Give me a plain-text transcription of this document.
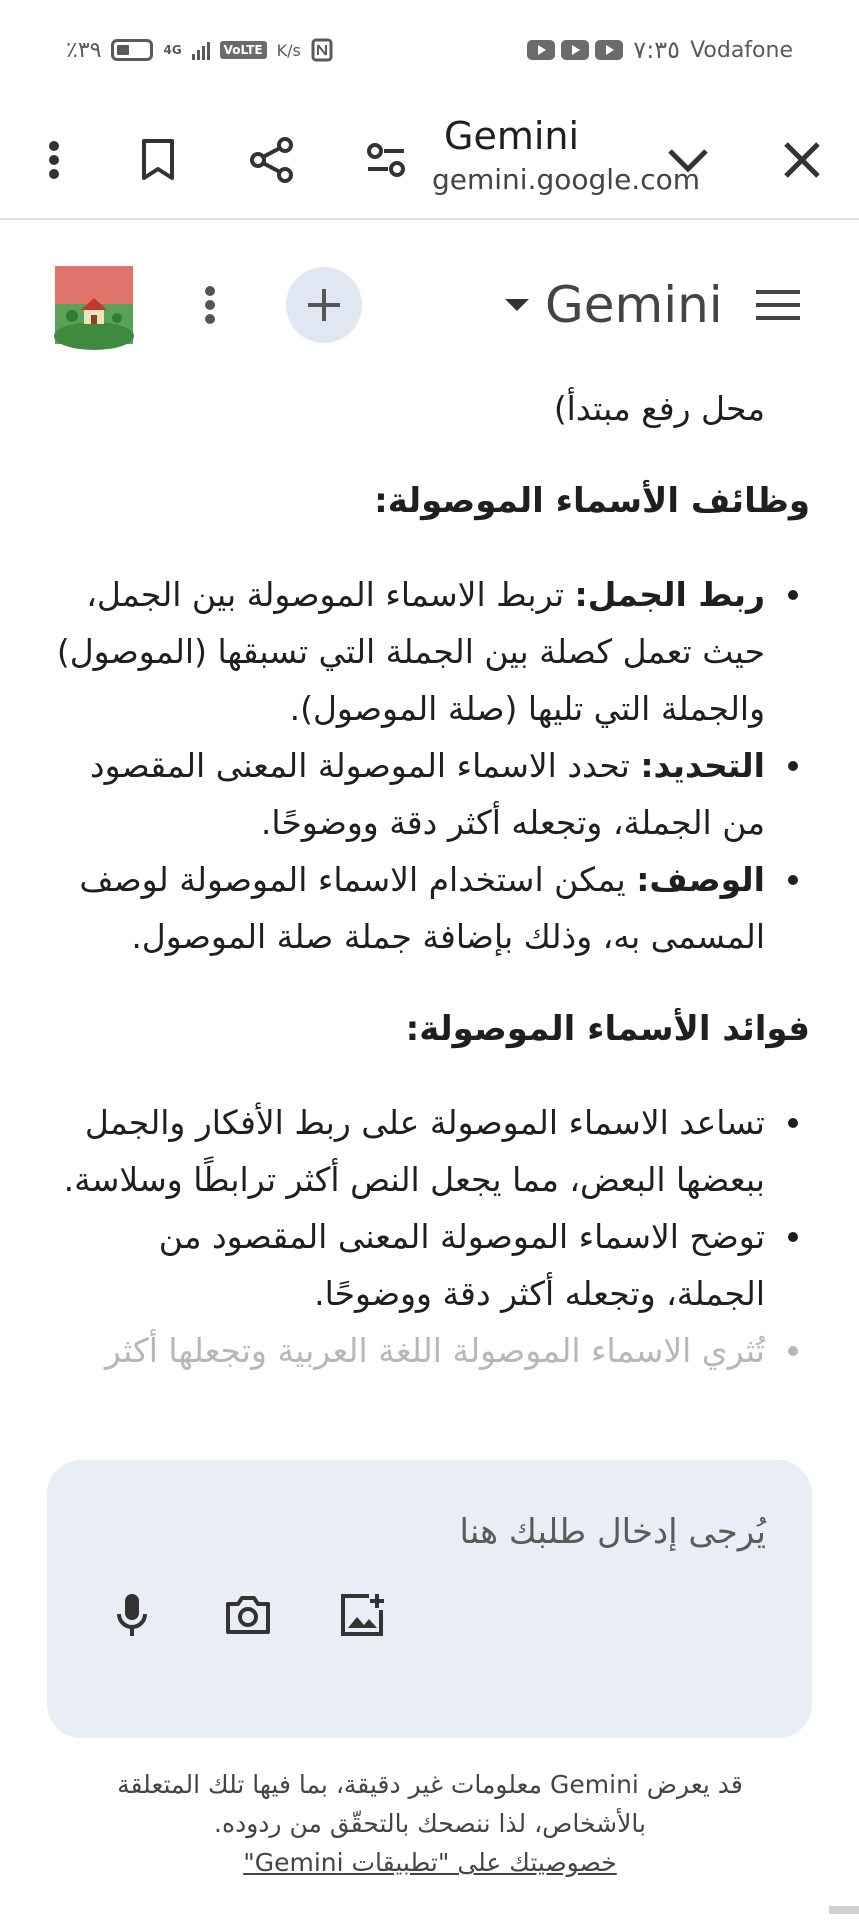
٪٣٩	4G	VoLTE K/s	٧:٣٥ Vodafone
Gemini
gemini.google.com
Gemini

محل رفع مبتدأ)

وظائف الأسماء الموصولة:
ربط الجمل: تربط الاسماء الموصولة بين الجمل، حيث تعمل كصلة بين الجملة التي تسبقها (الموصول) والجملة التي تليها (صلة الموصول).
التحديد: تحدد الاسماء الموصولة المعنى المقصود من الجملة، وتجعله أكثر دقة ووضوحًا.
الوصف: يمكن استخدام الاسماء الموصولة لوصف المسمى به، وذلك بإضافة جملة صلة الموصول.
فوائد الأسماء الموصولة:
تساعد الاسماء الموصولة على ربط الأفكار والجمل ببعضها البعض، مما يجعل النص أكثر ترابطًا وسلاسة.
توضح الاسماء الموصولة المعنى المقصود من الجملة، وتجعله أكثر دقة ووضوحًا.
تُثري الاسماء الموصولة اللغة العربية وتجعلها أكثر
يُرجى إدخال طلبك هنا
قد يعرض Gemini معلومات غير دقيقة، بما فيها تلك المتعلقة بالأشخاص، لذا ننصحك بالتحقّق من ردوده.
خصوصيتك على "تطبيقات Gemini"
